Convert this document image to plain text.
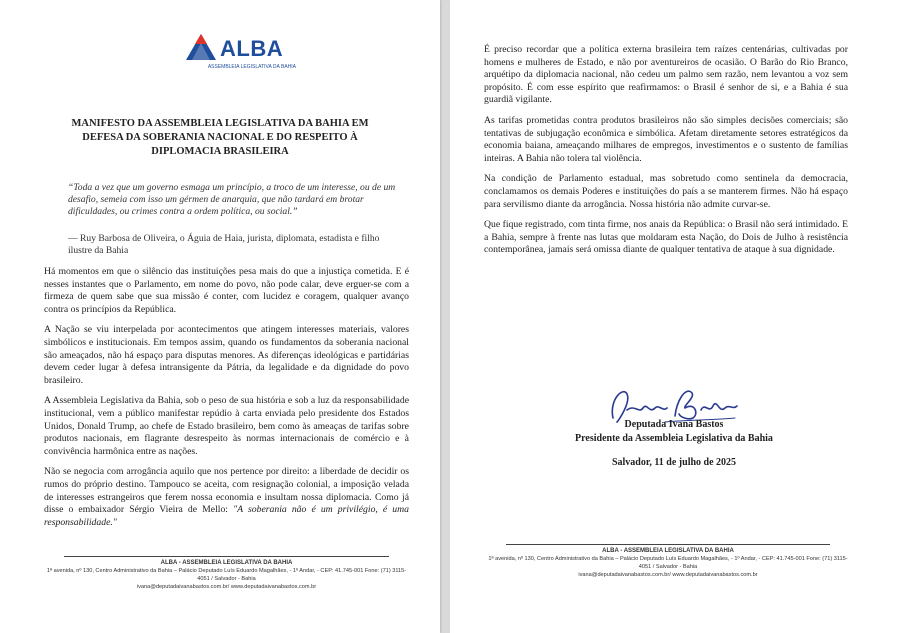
ALBA
ASSEMBLEIA LEGISLATIVA DA BAHIA
MANIFESTO DA ASSEMBLEIA LEGISLATIVA DA BAHIA EM DEFESA DA SOBERANIA NACIONAL E DO RESPEITO À DIPLOMACIA BRASILEIRA
“Toda a vez que um governo esmaga um princípio, a troco de um interesse, ou de um desafio, semeia com isso um gérmen de anarquia, que não tardará em brotar dificuldades, ou crimes contra a ordem política, ou social.”
— Ruy Barbosa de Oliveira, o Águia de Haia, jurista, diplomata, estadista e filho ilustre da Bahia

Há momentos em que o silêncio das instituições pesa mais do que a injustiça cometida. E é nesses instantes que o Parlamento, em nome do povo, não pode calar, deve erguer-se com a firmeza de quem sabe que sua missão é conter, com lucidez e coragem, qualquer avanço contra os princípios da República.

A Nação se viu interpelada por acontecimentos que atingem interesses materiais, valores simbólicos e institucionais. Em tempos assim, quando os fundamentos da soberania nacional são ameaçados, não há espaço para disputas menores. As diferenças ideológicas e partidárias devem ceder lugar à defesa intransigente da Pátria, da legalidade e da dignidade do povo brasileiro.

A Assembleia Legislativa da Bahia, sob o peso de sua história e sob a luz da responsabilidade institucional, vem a público manifestar repúdio à carta enviada pelo presidente dos Estados Unidos, Donald Trump, ao chefe de Estado brasileiro, bem como às ameaças de tarifas sobre produtos nacionais, em flagrante desrespeito às normas internacionais de comércio e à convivência harmônica entre as nações.

Não se negocia com arrogância aquilo que nos pertence por direito: a liberdade de decidir os rumos do próprio destino. Tampouco se aceita, com resignação colonial, a imposição velada de interesses estrangeiros que ferem nossa economia e insultam nossa diplomacia. Como já disse o embaixador Sérgio Vieira de Mello: "A soberania não é um privilégio, é uma responsabilidade."

ALBA - ASSEMBLEIA LEGISLATIVA DA BAHIA
1ª avenida, nº 130, Centro Administrativo da Bahia – Palácio Deputado Luís Eduardo Magalhães, - 1º Andar, - CEP: 41.745-001 Fone: (71) 3115-4051 / Salvador - Bahia
ivana@deputadaivanabastos.com.br/ www.deputadaivanabastos.com.br

É preciso recordar que a política externa brasileira tem raízes centenárias, cultivadas por homens e mulheres de Estado, e não por aventureiros de ocasião. O Barão do Rio Branco, arquétipo da diplomacia nacional, não cedeu um palmo sem razão, nem levantou a voz sem propósito. É com esse espírito que reafirmamos: o Brasil é senhor de si, e a Bahia é sua guardiã vigilante.

As tarifas prometidas contra produtos brasileiros não são simples decisões comerciais; são tentativas de subjugação econômica e simbólica. Afetam diretamente setores estratégicos da economia baiana, ameaçando milhares de empregos, investimentos e o sustento de famílias inteiras. A Bahia não tolera tal violência.

Na condição de Parlamento estadual, mas sobretudo como sentinela da democracia, conclamamos os demais Poderes e instituições do país a se manterem firmes. Não há espaço para servilismo diante da arrogância. Nossa história não admite curvar-se.

Que fique registrado, com tinta firme, nos anais da República: o Brasil não será intimidado. E a Bahia, sempre à frente nas lutas que moldaram esta Nação, do Dois de Julho à resistência contemporânea, jamais será omissa diante de qualquer tentativa de ataque à sua dignidade.

Deputada Ivana Bastos
Presidente da Assembleia Legislativa da Bahia
Salvador, 11 de julho de 2025
ALBA - ASSEMBLEIA LEGISLATIVA DA BAHIA
1ª avenida, nº 130, Centro Administrativo da Bahia – Palácio Deputado Luís Eduardo Magalhães, - 1º Andar, - CEP: 41.745-001 Fone: (71) 3115-4051 / Salvador - Bahia
ivana@deputadaivanabastos.com.br/ www.deputadaivanabastos.com.br
